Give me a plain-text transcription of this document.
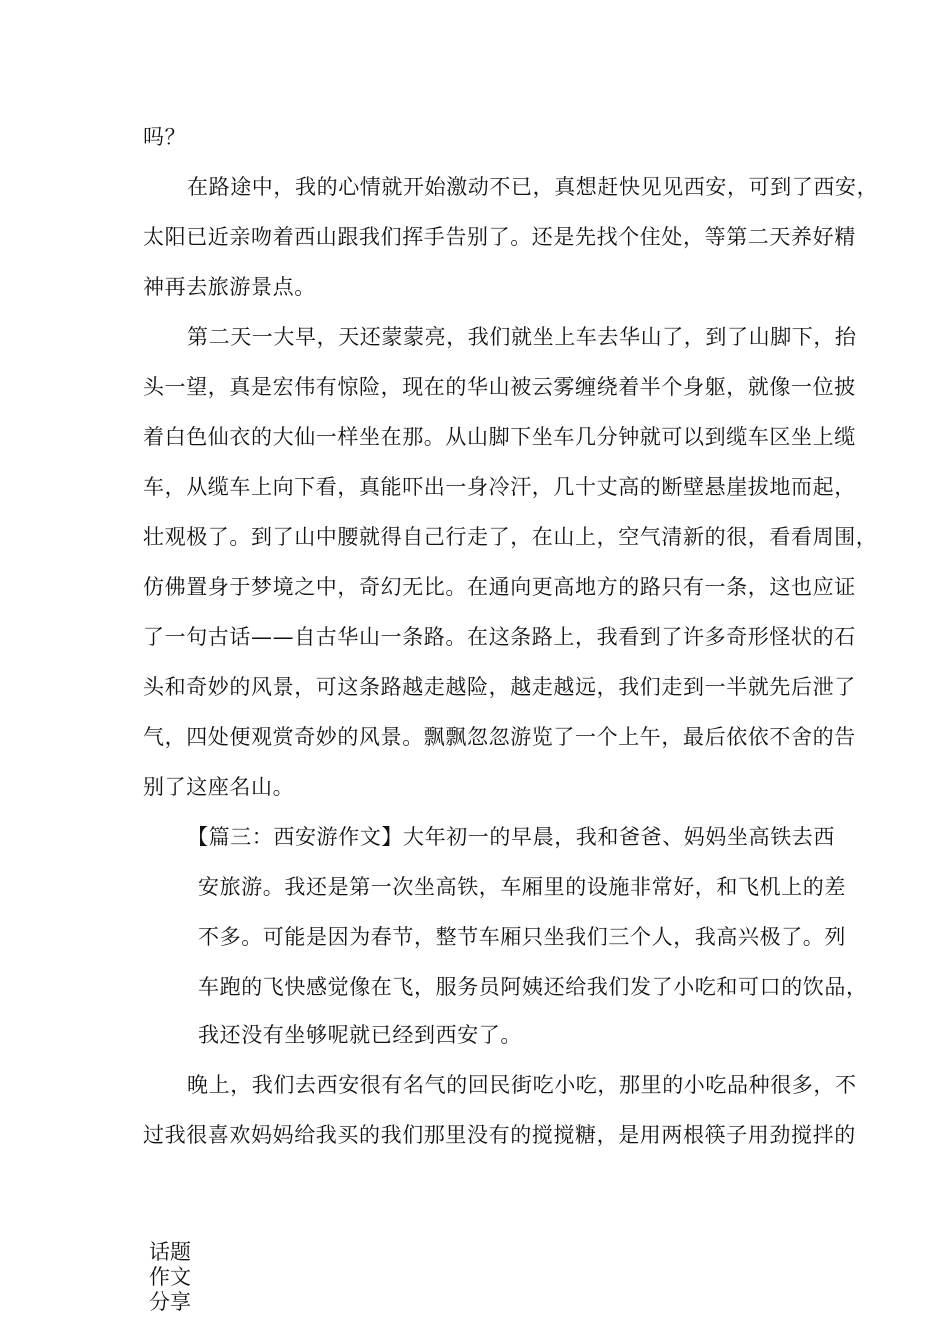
吗？
在路途中，我的心情就开始激动不已，真想赶快见见西安，可到了西安，
太阳已近亲吻着西山跟我们挥手告别了。还是先找个住处，等第二天养好精
神再去旅游景点。
第二天一大早，天还蒙蒙亮，我们就坐上车去华山了，到了山脚下，抬
头一望，真是宏伟有惊险，现在的华山被云雾缠绕着半个身躯，就像一位披
着白色仙衣的大仙一样坐在那。从山脚下坐车几分钟就可以到缆车区坐上缆
车，从缆车上向下看，真能吓出一身冷汗，几十丈高的断壁悬崖拔地而起，
壮观极了。到了山中腰就得自己行走了，在山上，空气清新的很，看看周围，
仿佛置身于梦境之中，奇幻无比。在通向更高地方的路只有一条，这也应证
了一句古话——自古华山一条路。在这条路上，我看到了许多奇形怪状的石
头和奇妙的风景，可这条路越走越险，越走越远，我们走到一半就先后泄了
气，四处便观赏奇妙的风景。飘飘忽忽游览了一个上午，最后依依不舍的告
别了这座名山。
【篇三：西安游作文】大年初一的早晨，我和爸爸、妈妈坐高铁去西
安旅游。我还是第一次坐高铁，车厢里的设施非常好，和飞机上的差
不多。可能是因为春节，整节车厢只坐我们三个人，我高兴极了。列
车跑的飞快感觉像在飞，服务员阿姨还给我们发了小吃和可口的饮品，
我还没有坐够呢就已经到西安了。
晚上，我们去西安很有名气的回民街吃小吃，那里的小吃品种很多，不
过我很喜欢妈妈给我买的我们那里没有的搅搅糖，是用两根筷子用劲搅拌的
话题
作文
分享
